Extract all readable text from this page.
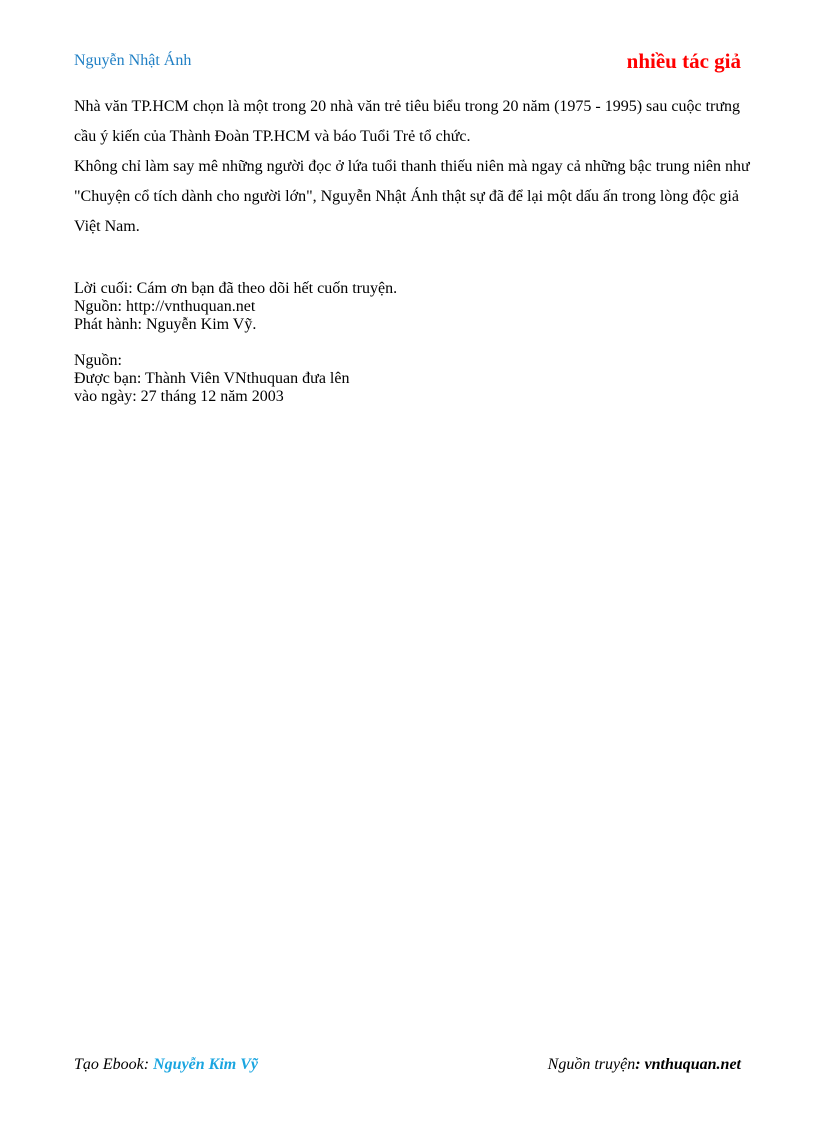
Nguyễn Nhật Ánh	nhiều tác giả

Nhà văn TP.HCM chọn là một trong 20 nhà văn trẻ tiêu biểu trong 20 năm (1975 - 1995) sau cuộc trưng cầu ý kiến của Thành Đoàn TP.HCM và báo Tuổi Trẻ tổ chức.

Không chỉ làm say mê những người đọc ở lứa tuổi thanh thiếu niên mà ngay cả những bậc trung niên như "Chuyện cổ tích dành cho người lớn", Nguyễn Nhật Ánh thật sự đã để lại một dấu ấn trong lòng độc giả Việt Nam.

Lời cuối: Cám ơn bạn đã theo dõi hết cuốn truyện.
Nguồn: http://vnthuquan.net
Phát hành: Nguyễn Kim Vỹ.
Nguồn:
Được bạn: Thành Viên VNthuquan đưa lên
vào ngày: 27 tháng 12 năm 2003
Tạo Ebook: Nguyễn Kim Vỹ	Nguồn truyện: vnthuquan.net
